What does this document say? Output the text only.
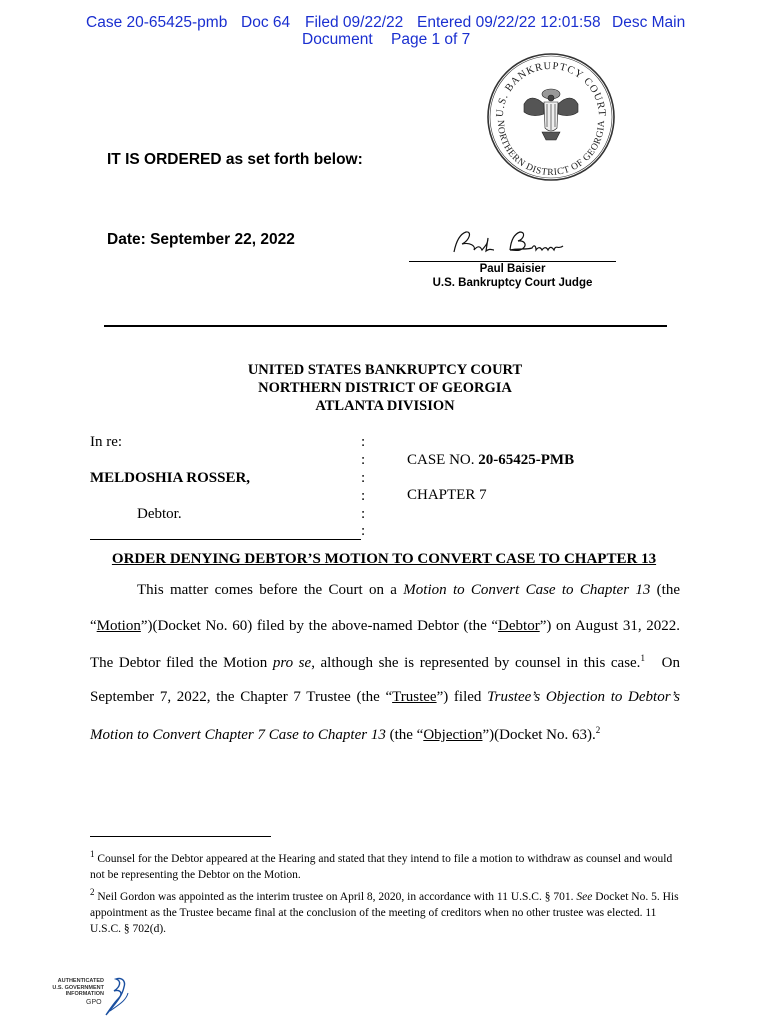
Case 20-65425-pmb Doc 64 Filed 09/22/22 Entered 09/22/22 12:01:58 Desc Main
Document Page 1 of 7
U.S. BANKRUPTCY COURT
NORTHERN DISTRICT OF GEORGIA
IT IS ORDERED as set forth below:
Date: September 22, 2022
Paul Baisier
U.S. Bankruptcy Court Judge
UNITED STATES BANKRUPTCY COURT
NORTHERN DISTRICT OF GEORGIA
ATLANTA DIVISION
In re:
MELDOSHIA ROSSER,
Debtor.
:
:
:
:
:
:
CASE NO. 20-65425-PMB
CHAPTER 7
ORDER DENYING DEBTOR’S MOTION TO CONVERT CASE TO CHAPTER 13
This matter comes before the Court on a Motion to Convert Case to Chapter 13 (the
“Motion”)(Docket No. 60) filed by the above-named Debtor (the “Debtor”) on August 31, 2022.
The Debtor filed the Motion pro se, although she is represented by counsel in this case.$^1$ On
September 7, 2022, the Chapter 7 Trustee (the “Trustee”) filed Trustee’s Objection to Debtor’s
Motion to Convert Chapter 7 Case to Chapter 13 (the “Objection”)(Docket No. 63).$^2$
$^1$ Counsel for the Debtor appeared at the Hearing and stated that they intend to file a motion to withdraw as counsel and would not be representing the Debtor on the Motion.
$^2$ Neil Gordon was appointed as the interim trustee on April 8, 2020, in accordance with 11 U.S.C. § 701. See Docket No. 5. His appointment as the Trustee became final at the conclusion of the meeting of creditors when no other trustee was elected. 11 U.S.C. § 702(d).
AUTHENTICATED
U.S. GOVERNMENT
INFORMATION
GPO
